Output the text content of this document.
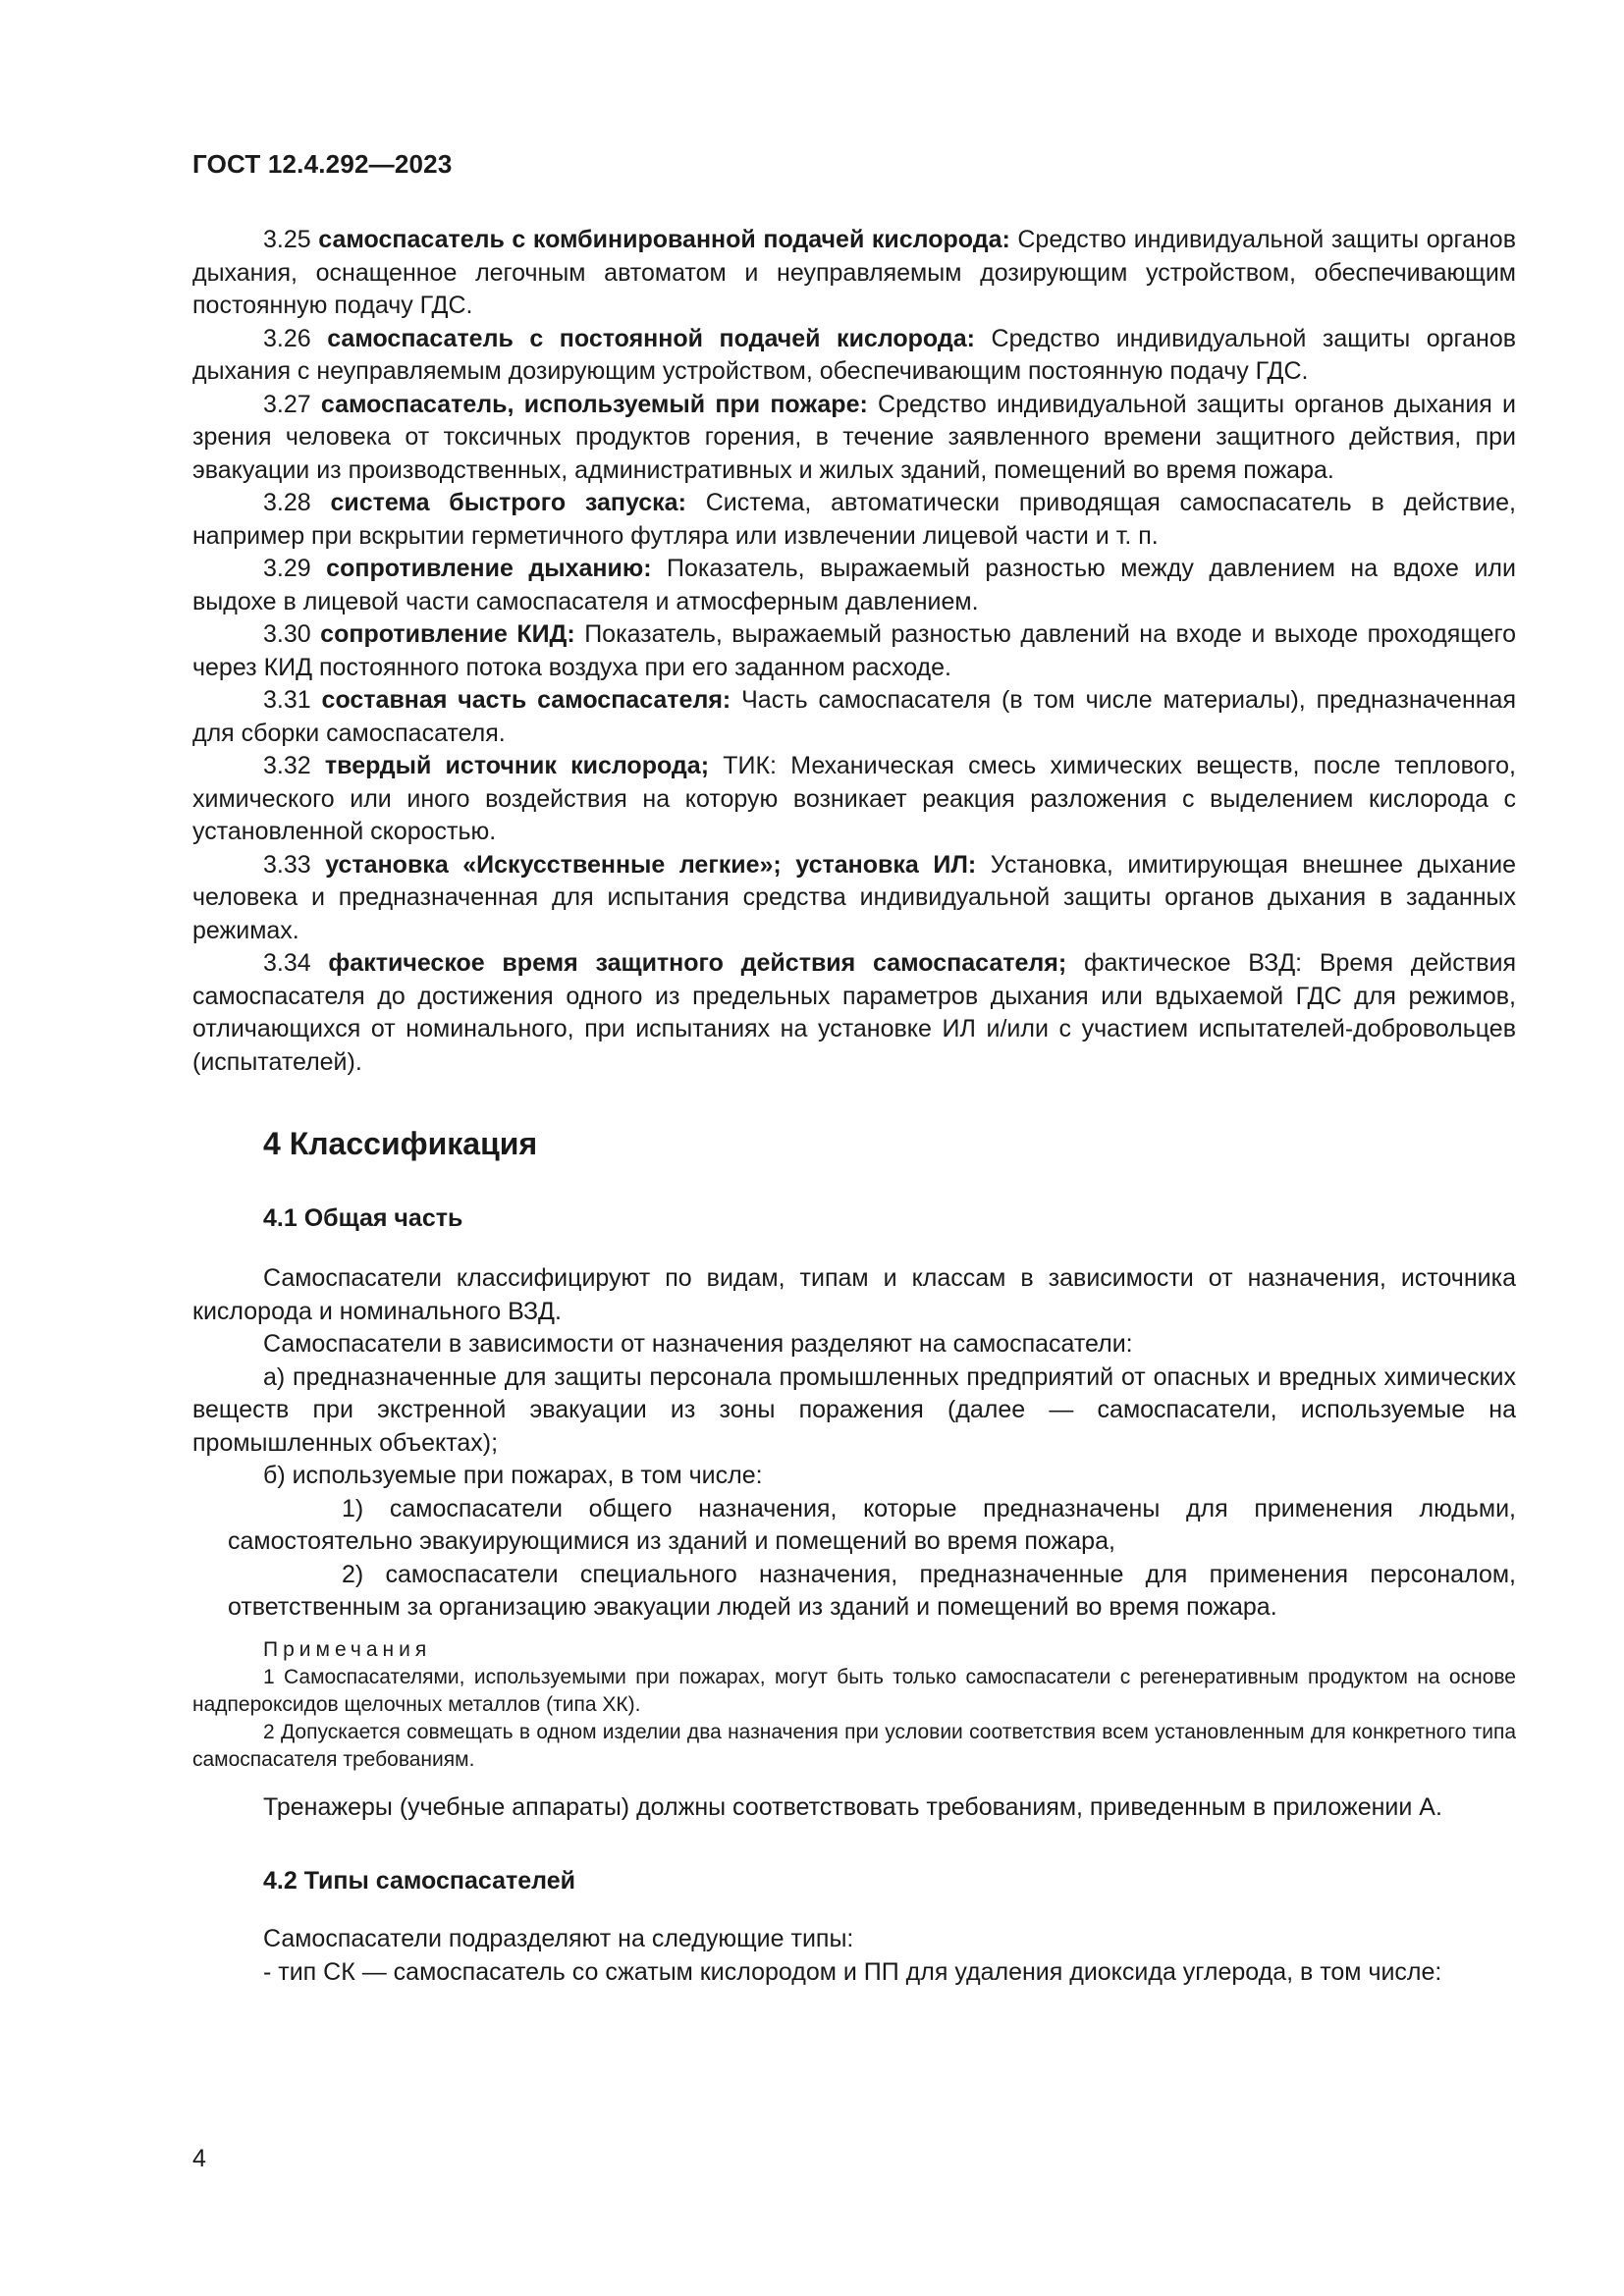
ГОСТ 12.4.292—2023

3.25 самоспасатель с комбинированной подачей кислорода: Средство индивидуальной защиты органов дыхания, оснащенное легочным автоматом и неуправляемым дозирующим устройством, обеспечивающим постоянную подачу ГДС.

3.26 самоспасатель с постоянной подачей кислорода: Средство индивидуальной защиты органов дыхания с неуправляемым дозирующим устройством, обеспечивающим постоянную подачу ГДС.

3.27 самоспасатель, используемый при пожаре: Средство индивидуальной защиты органов дыхания и зрения человека от токсичных продуктов горения, в течение заявленного времени защитного действия, при эвакуации из производственных, административных и жилых зданий, помещений во время пожара.

3.28 система быстрого запуска: Система, автоматически приводящая самоспасатель в действие, например при вскрытии герметичного футляра или извлечении лицевой части и т. п.

3.29 сопротивление дыханию: Показатель, выражаемый разностью между давлением на вдохе или выдохе в лицевой части самоспасателя и атмосферным давлением.

3.30 сопротивление КИД: Показатель, выражаемый разностью давлений на входе и выходе проходящего через КИД постоянного потока воздуха при его заданном расходе.

3.31 составная часть самоспасателя: Часть самоспасателя (в том числе материалы), предназначенная для сборки самоспасателя.

3.32 твердый источник кислорода; ТИК: Механическая смесь химических веществ, после теплового, химического или иного воздействия на которую возникает реакция разложения с выделением кислорода с установленной скоростью.

3.33 установка «Искусственные легкие»; установка ИЛ: Установка, имитирующая внешнее дыхание человека и предназначенная для испытания средства индивидуальной защиты органов дыхания в заданных режимах.

3.34 фактическое время защитного действия самоспасателя; фактическое ВЗД: Время действия самоспасателя до достижения одного из предельных параметров дыхания или вдыхаемой ГДС для режимов, отличающихся от номинального, при испытаниях на установке ИЛ и/или с участием испытателей-добровольцев (испытателей).

4 Классификация
4.1 Общая часть

Самоспасатели классифицируют по видам, типам и классам в зависимости от назначения, источника кислорода и номинального ВЗД.

Самоспасатели в зависимости от назначения разделяют на самоспасатели:

а) предназначенные для защиты персонала промышленных предприятий от опасных и вредных химических веществ при экстренной эвакуации из зоны поражения (далее — самоспасатели, используемые на промышленных объектах);

б) используемые при пожарах, в том числе:

1) самоспасатели общего назначения, которые предназначены для применения людьми, самостоятельно эвакуирующимися из зданий и помещений во время пожара,

2) самоспасатели специального назначения, предназначенные для применения персоналом, ответственным за организацию эвакуации людей из зданий и помещений во время пожара.

Примечания

1 Самоспасателями, используемыми при пожарах, могут быть только самоспасатели с регенеративным продуктом на основе надпероксидов щелочных металлов (типа ХК).

2 Допускается совмещать в одном изделии два назначения при условии соответствия всем установленным для конкретного типа самоспасателя требованиям.

Тренажеры (учебные аппараты) должны соответствовать требованиям, приведенным в приложении А.

4.2 Типы самоспасателей

Самоспасатели подразделяют на следующие типы:

- тип СК — самоспасатель со сжатым кислородом и ПП для удаления диоксида углерода, в том числе:

4
